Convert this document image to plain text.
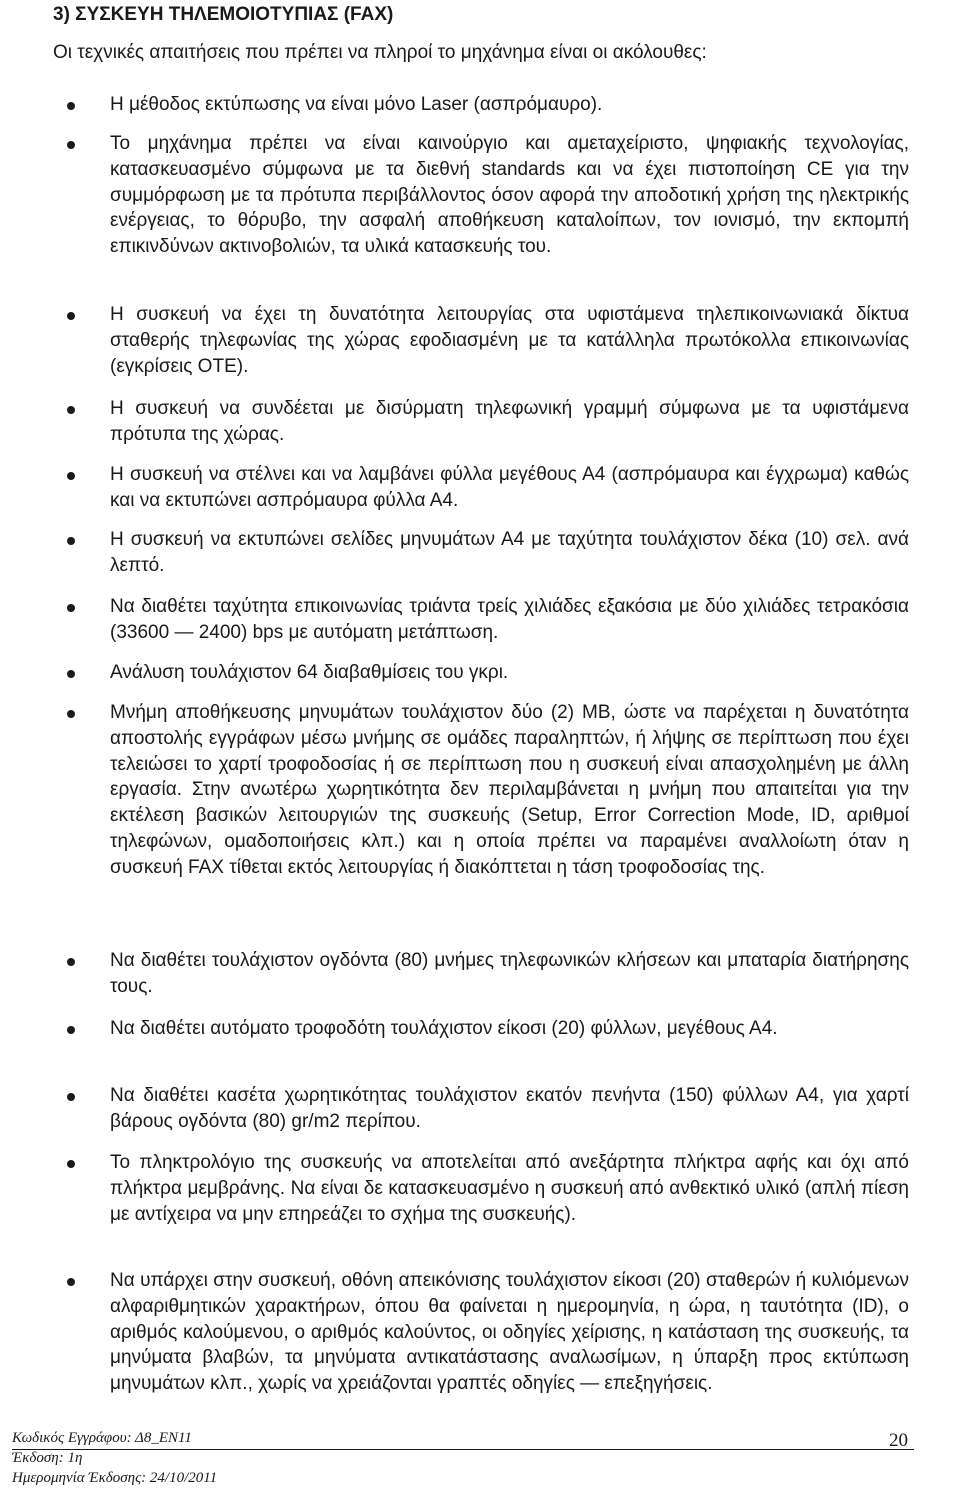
3) ΣΥΣΚΕΥΗ ΤΗΛΕΜΟΙΟΤΥΠΙΑΣ (FAX)
Οι τεχνικές απαιτήσεις που πρέπει να πληροί το μηχάνημα είναι οι ακόλουθες:
Η μέθοδος εκτύπωσης να είναι μόνο Laser (ασπρόμαυρο).
Το μηχάνημα πρέπει να είναι καινούργιο και αμεταχείριστο, ψηφιακής τεχνολογίας, κατασκευασμένο σύμφωνα με τα διεθνή standards και να έχει πιστοποίηση CE για την συμμόρφωση με τα πρότυπα περιβάλλοντος όσον αφορά την αποδοτική χρήση της ηλεκτρικής ενέργειας, το θόρυβο, την ασφαλή αποθήκευση καταλοίπων, τον ιονισμό, την εκπομπή επικινδύνων ακτινοβολιών, τα υλικά κατασκευής του.
Η συσκευή να έχει τη δυνατότητα λειτουργίας στα υφιστάμενα τηλεπικοινωνιακά δίκτυα σταθερής τηλεφωνίας της χώρας εφοδιασμένη με τα κατάλληλα πρωτόκολλα επικοινωνίας (εγκρίσεις ΟΤΕ).
Η συσκευή να συνδέεται με δισύρματη τηλεφωνική γραμμή σύμφωνα με τα υφιστάμενα πρότυπα της χώρας.
Η συσκευή να στέλνει και να λαμβάνει φύλλα μεγέθους Α4 (ασπρόμαυρα και έγχρωμα) καθώς και να εκτυπώνει ασπρόμαυρα φύλλα Α4.
Η συσκευή να εκτυπώνει σελίδες μηνυμάτων Α4 με ταχύτητα τουλάχιστον δέκα (10) σελ. ανά λεπτό.
Να διαθέτει ταχύτητα επικοινωνίας τριάντα τρείς χιλιάδες εξακόσια με δύο χιλιάδες τετρακόσια (33600 — 2400) bps με αυτόματη μετάπτωση.
Ανάλυση τουλάχιστον 64 διαβαθμίσεις του γκρι.
Μνήμη αποθήκευσης μηνυμάτων τουλάχιστον δύο (2) ΜΒ, ώστε να παρέχεται η δυνατότητα αποστολής εγγράφων μέσω μνήμης σε ομάδες παραληπτών, ή λήψης σε περίπτωση που έχει τελειώσει το χαρτί τροφοδοσίας ή σε περίπτωση που η συσκευή είναι απασχολημένη με άλλη εργασία. Στην ανωτέρω χωρητικότητα δεν περιλαμβάνεται η μνήμη που απαιτείται για την εκτέλεση βασικών λειτουργιών της συσκευής (Setup, Error Correction Mode, ID, αριθμοί τηλεφώνων, ομαδοποιήσεις κλπ.) και η οποία πρέπει να παραμένει αναλλοίωτη όταν η συσκευή FAX τίθεται εκτός λειτουργίας ή διακόπτεται η τάση τροφοδοσίας της.
Να διαθέτει τουλάχιστον ογδόντα (80) μνήμες τηλεφωνικών κλήσεων και μπαταρία διατήρησης τους.
Να διαθέτει αυτόματο τροφοδότη τουλάχιστον είκοσι (20) φύλλων, μεγέθους Α4.
Να διαθέτει κασέτα χωρητικότητας τουλάχιστον εκατόν πενήντα (150) φύλλων Α4, για χαρτί βάρους ογδόντα (80) gr/m2 περίπου.
Το πληκτρολόγιο της συσκευής να αποτελείται από ανεξάρτητα πλήκτρα αφής και όχι από πλήκτρα μεμβράνης. Να είναι δε κατασκευασμένο η συσκευή από ανθεκτικό υλικό (απλή πίεση με αντίχειρα να μην επηρεάζει το σχήμα της συσκευής).
Να υπάρχει στην συσκευή, οθόνη απεικόνισης τουλάχιστον είκοσι (20) σταθερών ή κυλιόμενων αλφαριθμητικών χαρακτήρων, όπου θα φαίνεται η ημερομηνία, η ώρα, η ταυτότητα (ID), ο αριθμός καλούμενου, ο αριθμός καλούντος, οι οδηγίες χείρισης, η κατάσταση της συσκευής, τα μηνύματα βλαβών, τα μηνύματα αντικατάστασης αναλωσίμων, η ύπαρξη προς εκτύπωση μηνυμάτων κλπ., χωρίς να χρειάζονται γραπτές οδηγίες — επεξηγήσεις.
Κωδικός Εγγράφου: Δ8_ΕΝ11
Έκδοση: 1η
Ημερομηνία Έκδοσης: 24/10/2011
20
